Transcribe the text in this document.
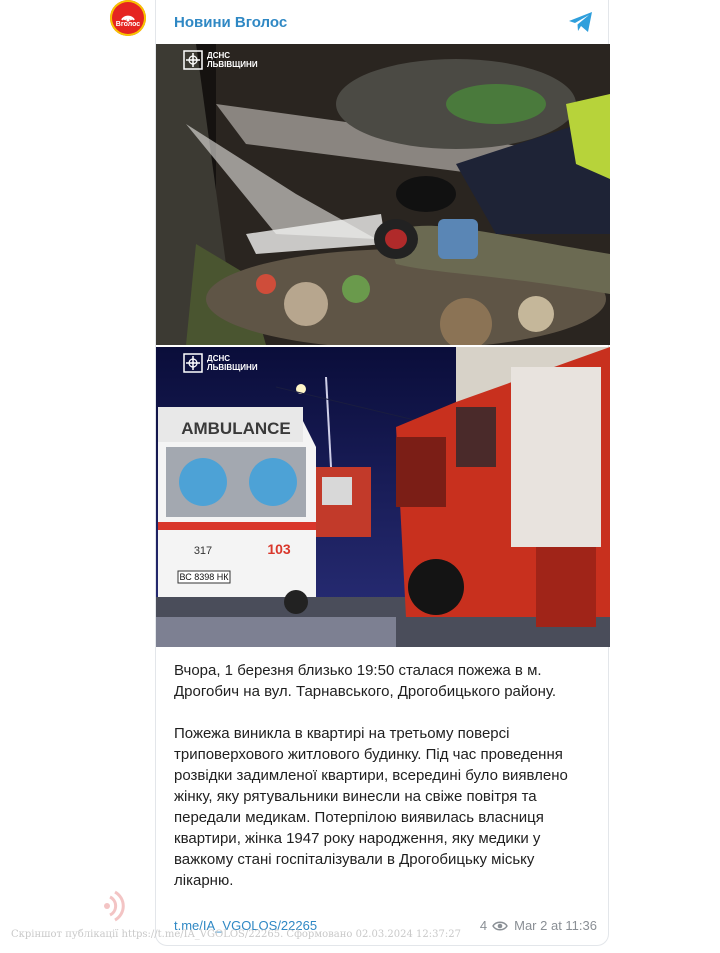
Вголос Новини Вголос
ДСНС
ЛЬВІВЩИНИ
ВС 8398 НК
AMBULANCE
317	103
ДСНС
ЛЬВІВЩИНИ

Вчора, 1 березня близько 19:50 сталася пожежа в м. Дрогобич на вул. Тарнавського, Дрогобицького району.

Пожежа виникла в квартирі на третьому поверсі триповерхового житлового будинку. Під час проведення розвідки задимленої квартири, всередині було виявлено жінку, яку рятувальники винесли на свіже повітря та передали медикам. Потерпілою виявилась власниця квартири, жінка 1947 року народження, яку медики у важкому стані госпіталізували в Дрогобицьку міську лікарню.

t.me/IA_VGOLOS/22265	4 Mar 2 at 11:36
Скріншот публікації https://t.me/IA_VGOLOS/22265. Сформовано 02.03.2024 12:37:27
